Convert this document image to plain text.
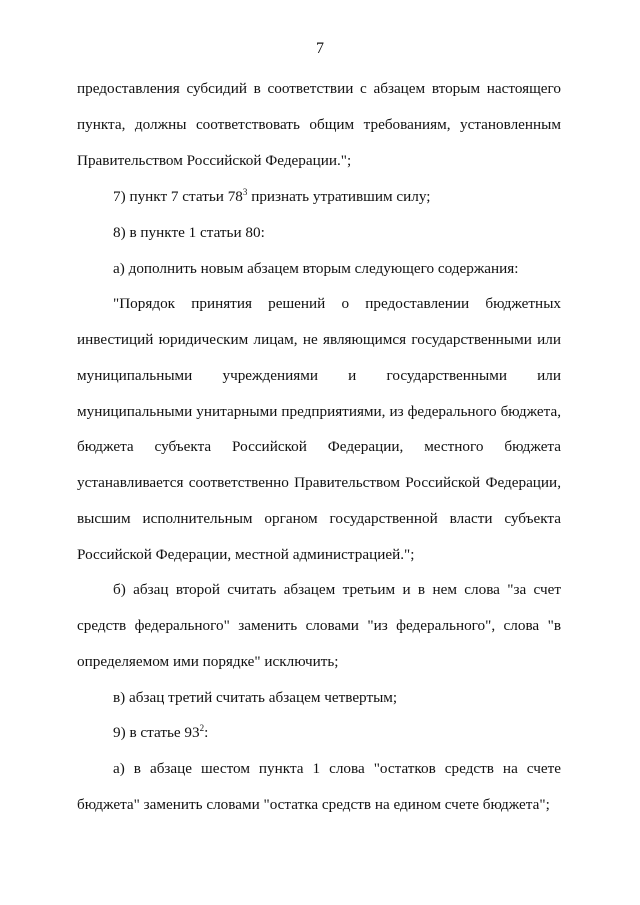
7
предоставления субсидий в соответствии с абзацем вторым настоящего
пункта, должны соответствовать общим требованиям, установленным
Правительством Российской Федерации.";
7) пункт 7 статьи $78^3$ признать утратившим силу;
8) в пункте 1 статьи 80:
а) дополнить новым абзацем вторым следующего содержания:
"Порядок принятия решений о предоставлении бюджетных
инвестиций юридическим лицам, не являющимся государственными или
муниципальными учреждениями и государственными или
муниципальными унитарными предприятиями, из федерального бюджета,
бюджета субъекта Российской Федерации, местного бюджета
устанавливается соответственно Правительством Российской Федерации,
высшим исполнительным органом государственной власти субъекта
Российской Федерации, местной администрацией.";
б) абзац второй считать абзацем третьим и в нем слова "за счет
средств федерального" заменить словами "из федерального", слова "в
определяемом ими порядке" исключить;
в) абзац третий считать абзацем четвертым;
9) в статье $93^2$:
а) в абзаце шестом пункта 1 слова "остатков средств на счете
бюджета" заменить словами "остатка средств на едином счете бюджета";
